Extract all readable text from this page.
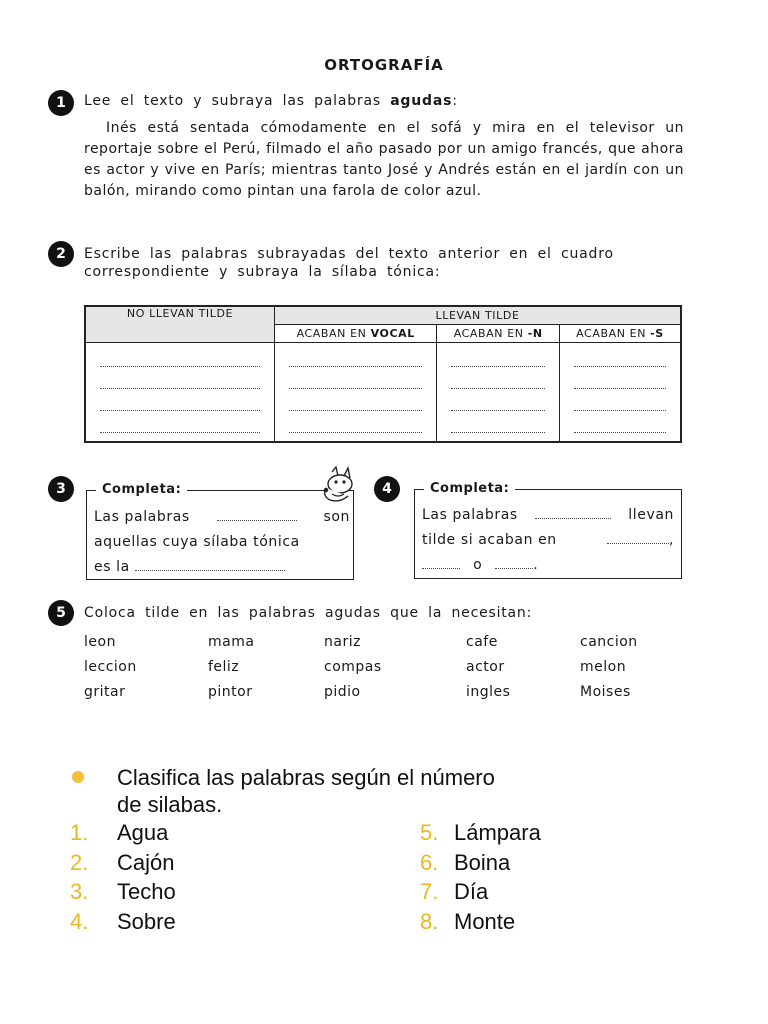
ORTOGRAFÍA
1	Lee el texto y subraya las palabras agudas:
Inés está sentada cómodamente en el sofá y mira en el televisor un reportaje sobre el Perú, filmado el año pasado por un amigo francés, que ahora es actor y vive en París; mientras tanto José y Andrés están en el jardín con un balón, mirando como pintan una farola de color azul.
2	Escribe las palabras subrayadas del texto anterior en el cuadro
correspondiente y subraya la sílaba tónica:
NO LLEVAN TILDE	LLEVAN TILDE		
	ACABAN EN VOCAL	ACABAN EN -N	ACABAN EN -S

3	Completa:
Las palabras	son
aquellas cuya sílaba tónica
es la
4	Completa:
Las palabras	llevan
tilde si acaban en	,
o	.
5	Coloca tilde en las palabras agudas que la necesitan:
leon	mama	nariz	cafe	cancion
leccion	feliz	compas	actor	melon
gritar	pintor	pidio	ingles	Moises
Clasifica las palabras según el número
de silabas.
1. Agua
2. Cajón
3. Techo
4. Sobre
5. Lámpara
6. Boina
7. Día
8. Monte
